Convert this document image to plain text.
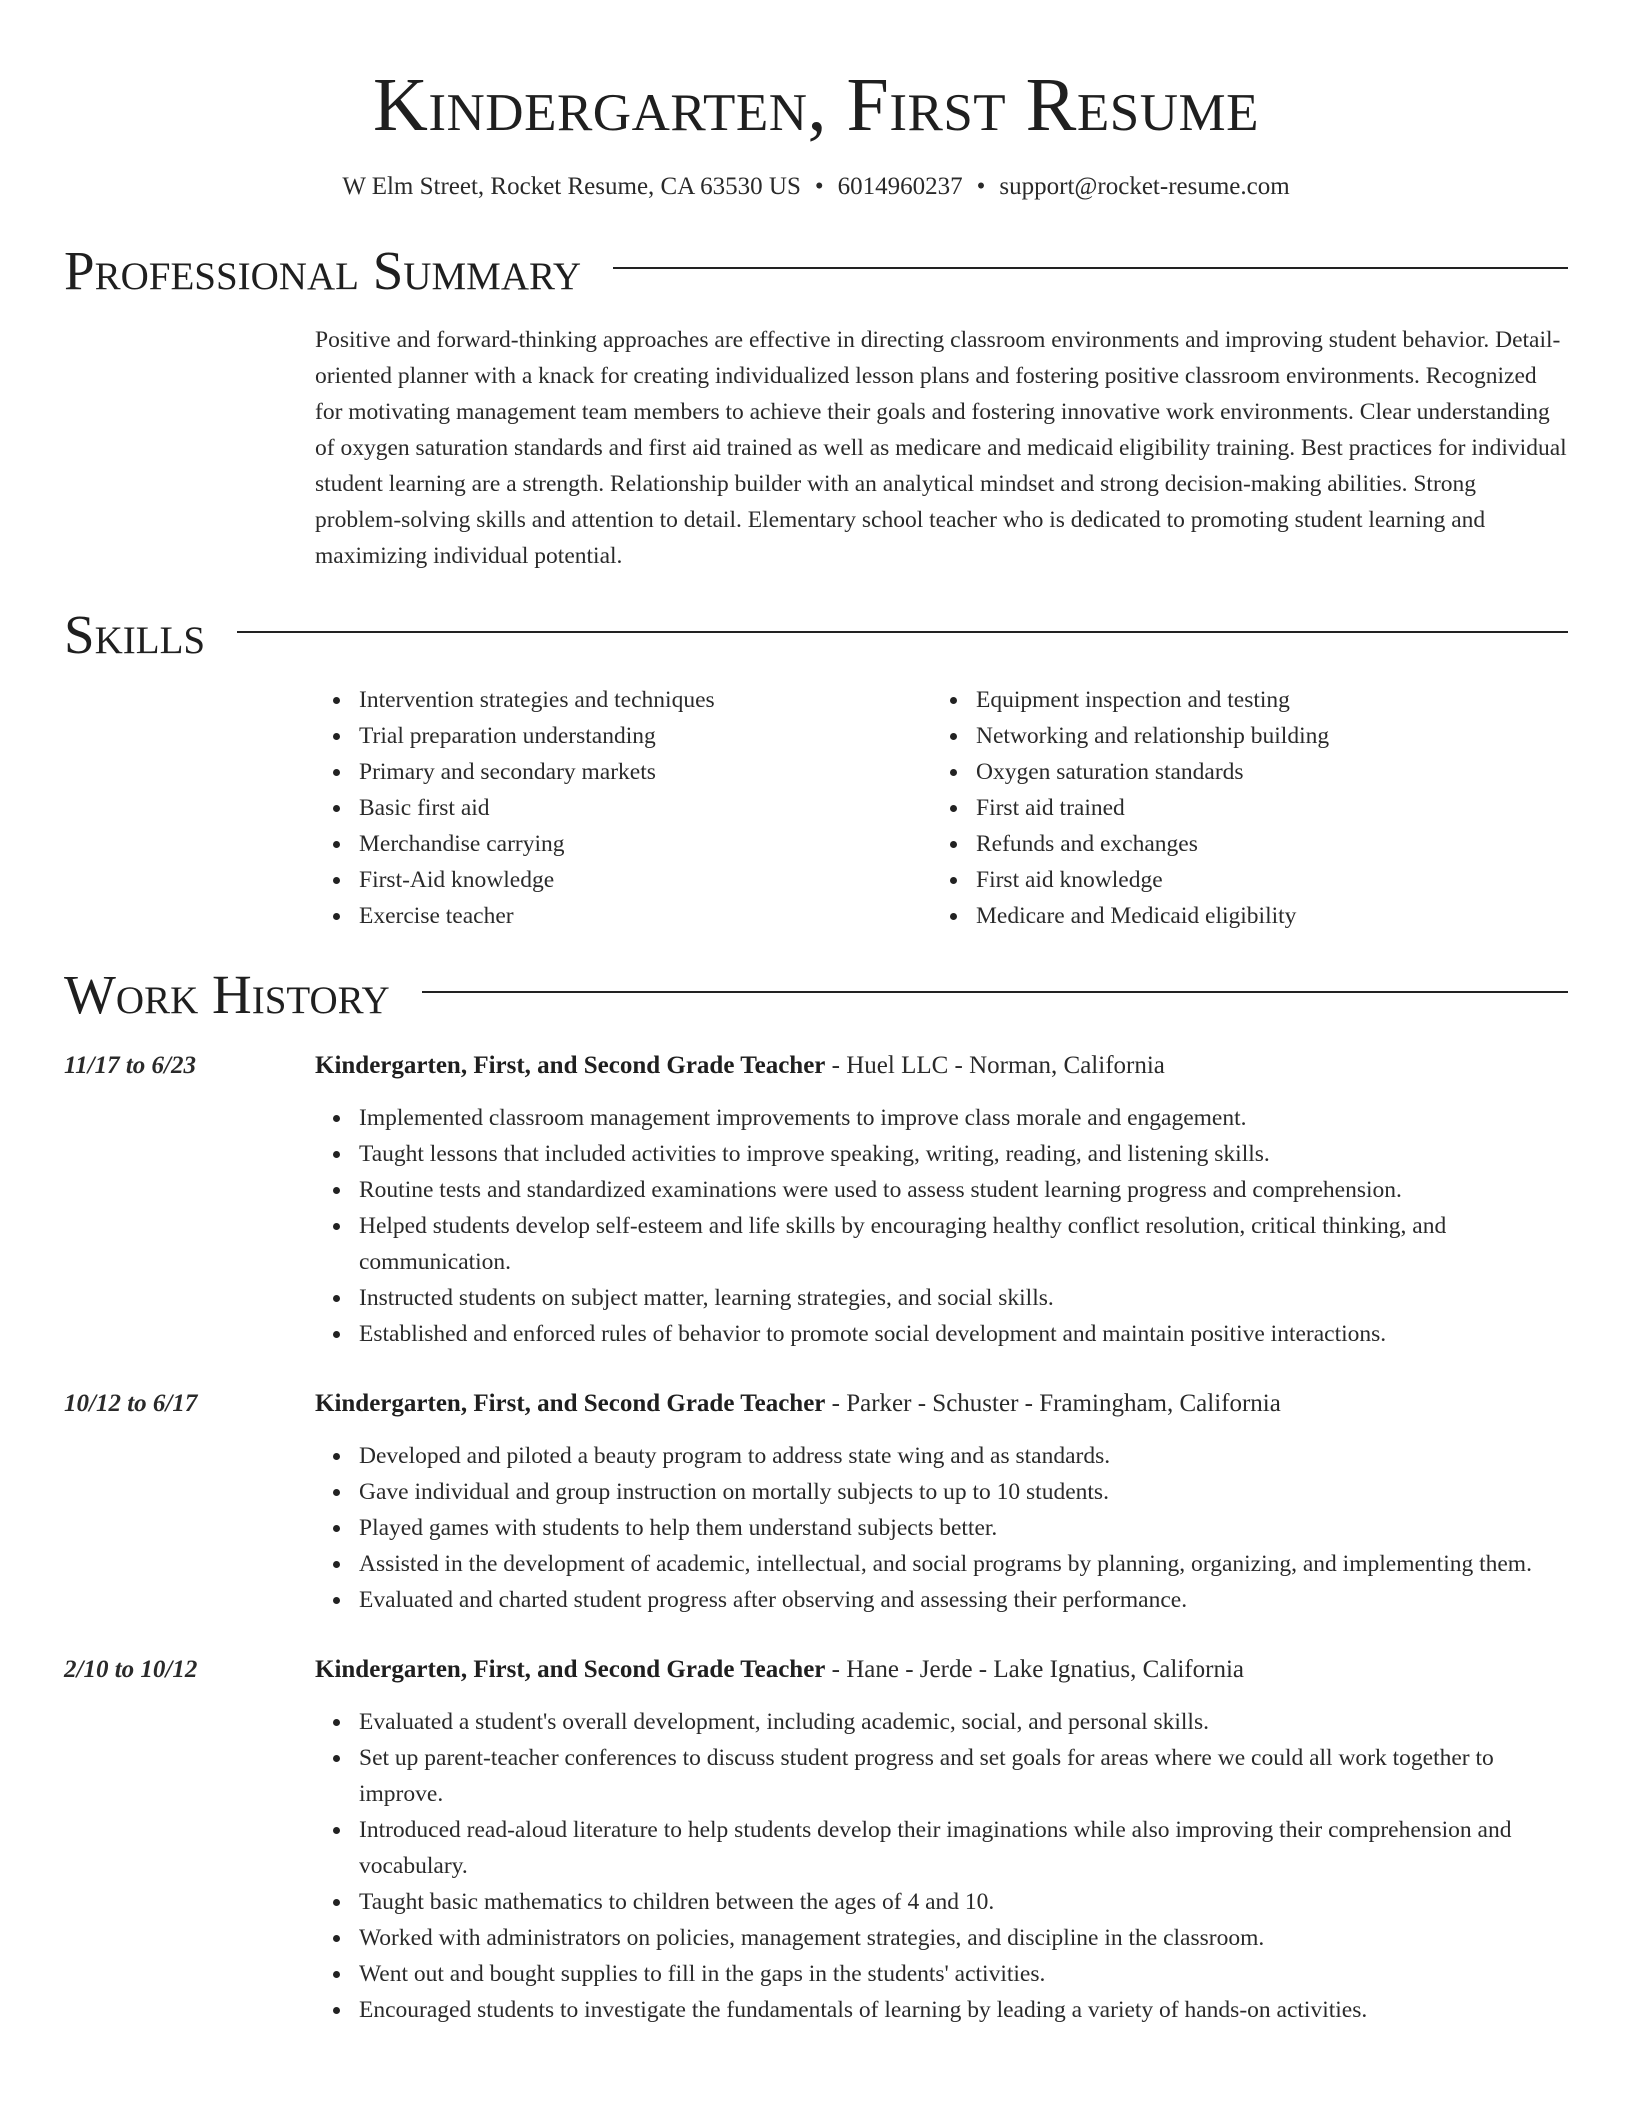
Kindergarten, First Resume
W Elm Street, Rocket Resume, CA 63530 US • 6014960237 • support@rocket-resume.com
Professional Summary
Positive and forward-thinking approaches are effective in directing classroom environments and improving student behavior. Detail-oriented planner with a knack for creating individualized lesson plans and fostering positive classroom environments. Recognized for motivating management team members to achieve their goals and fostering innovative work environments. Clear understanding of oxygen saturation standards and first aid trained as well as medicare and medicaid eligibility training. Best practices for individual student learning are a strength. Relationship builder with an analytical mindset and strong decision-making abilities. Strong problem-solving skills and attention to detail. Elementary school teacher who is dedicated to promoting student learning and maximizing individual potential.
Skills
Intervention strategies and techniques
Trial preparation understanding
Primary and secondary markets
Basic first aid
Merchandise carrying
First-Aid knowledge
Exercise teacher
Equipment inspection and testing
Networking and relationship building
Oxygen saturation standards
First aid trained
Refunds and exchanges
First aid knowledge
Medicare and Medicaid eligibility
Work History
11/17 to 6/23	Kindergarten, First, and Second Grade Teacher - Huel LLC - Norman, California
Implemented classroom management improvements to improve class morale and engagement.
Taught lessons that included activities to improve speaking, writing, reading, and listening skills.
Routine tests and standardized examinations were used to assess student learning progress and comprehension.
Helped students develop self-esteem and life skills by encouraging healthy conflict resolution, critical thinking, and communication.
Instructed students on subject matter, learning strategies, and social skills.
Established and enforced rules of behavior to promote social development and maintain positive interactions.
10/12 to 6/17	Kindergarten, First, and Second Grade Teacher - Parker - Schuster - Framingham, California
Developed and piloted a beauty program to address state wing and as standards.
Gave individual and group instruction on mortally subjects to up to 10 students.
Played games with students to help them understand subjects better.
Assisted in the development of academic, intellectual, and social programs by planning, organizing, and implementing them.
Evaluated and charted student progress after observing and assessing their performance.
2/10 to 10/12	Kindergarten, First, and Second Grade Teacher - Hane - Jerde - Lake Ignatius, California
Evaluated a student's overall development, including academic, social, and personal skills.
Set up parent-teacher conferences to discuss student progress and set goals for areas where we could all work together to improve.
Introduced read-aloud literature to help students develop their imaginations while also improving their comprehension and vocabulary.
Taught basic mathematics to children between the ages of 4 and 10.
Worked with administrators on policies, management strategies, and discipline in the classroom.
Went out and bought supplies to fill in the gaps in the students' activities.
Encouraged students to investigate the fundamentals of learning by leading a variety of hands-on activities.
